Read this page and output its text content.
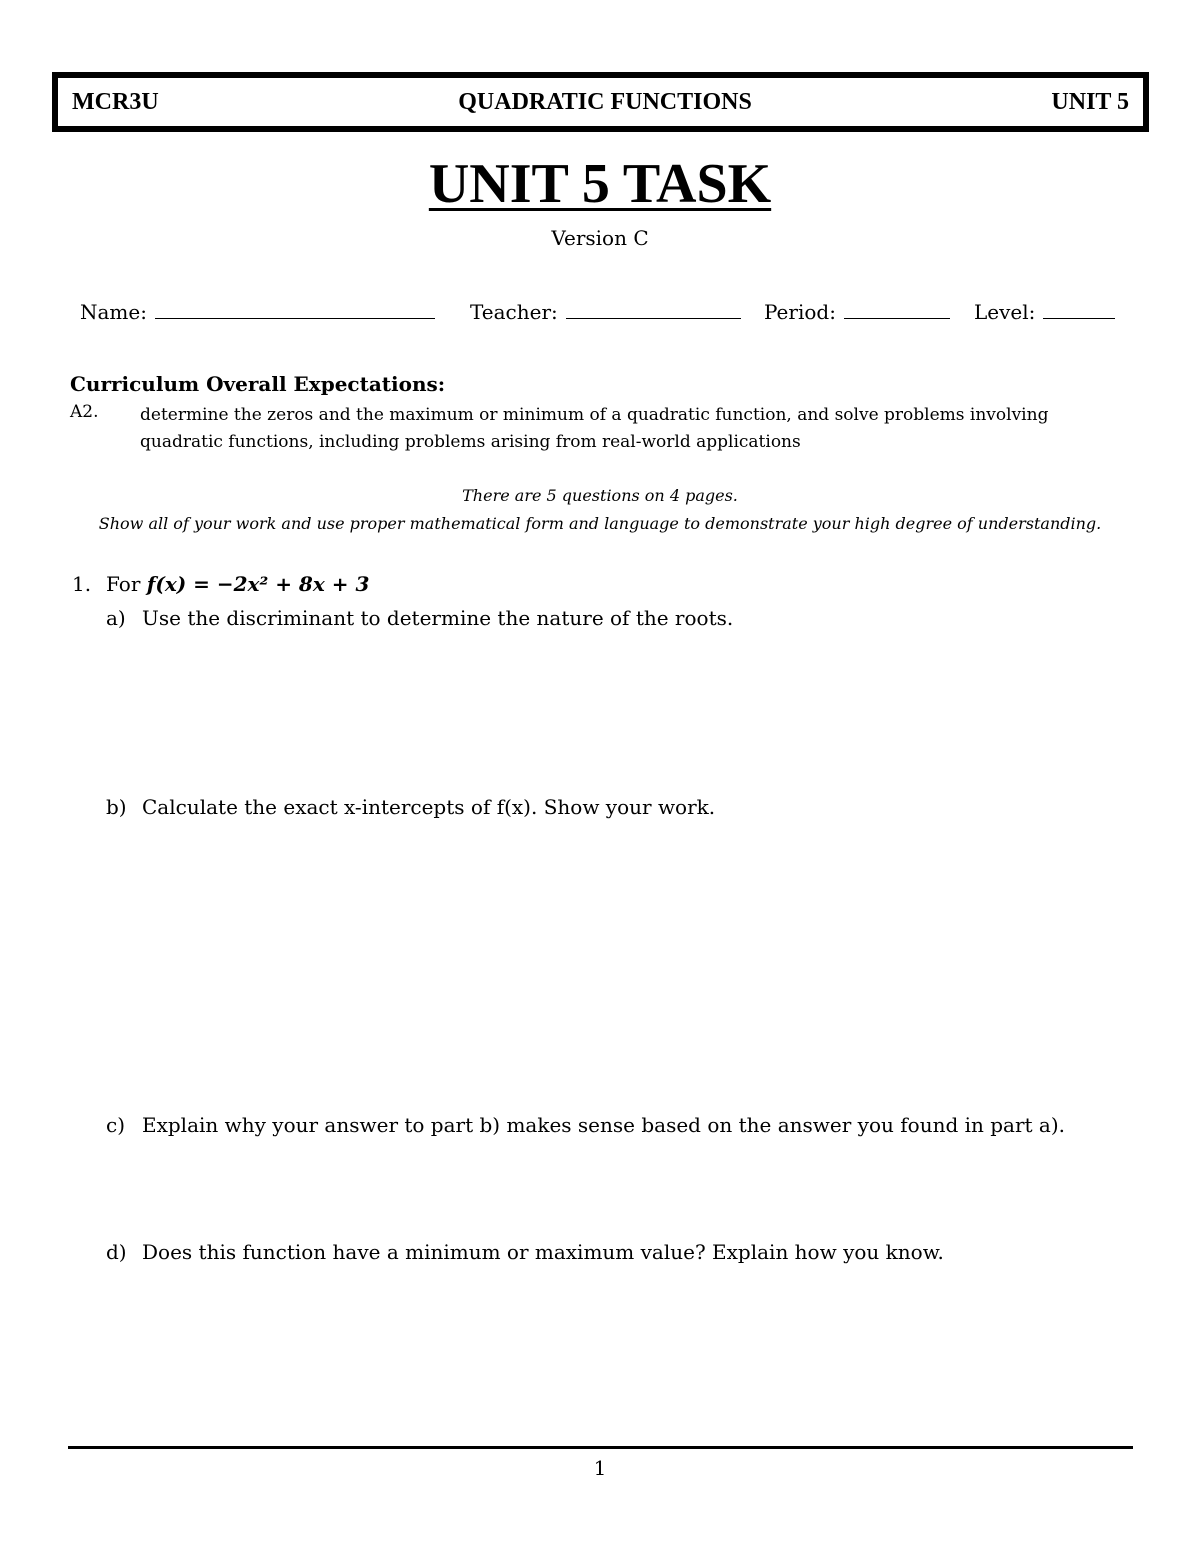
MCR3U	QUADRATIC FUNCTIONS	UNIT 5
UNIT 5 TASK
Version C
Name:	Teacher:	Period:	Level:
Curriculum Overall Expectations:
A2. determine the zeros and the maximum or minimum of a quadratic function, and solve problems involving quadratic functions, including problems arising from real-world applications
There are 5 questions on 4 pages.
Show all of your work and use proper mathematical form and language to demonstrate your high degree of understanding.
1. For f(x) = −2x² + 8x + 3
a) Use the discriminant to determine the nature of the roots.
b) Calculate the exact x-intercepts of f(x). Show your work.
c) Explain why your answer to part b) makes sense based on the answer you found in part a).
d) Does this function have a minimum or maximum value? Explain how you know.
1
